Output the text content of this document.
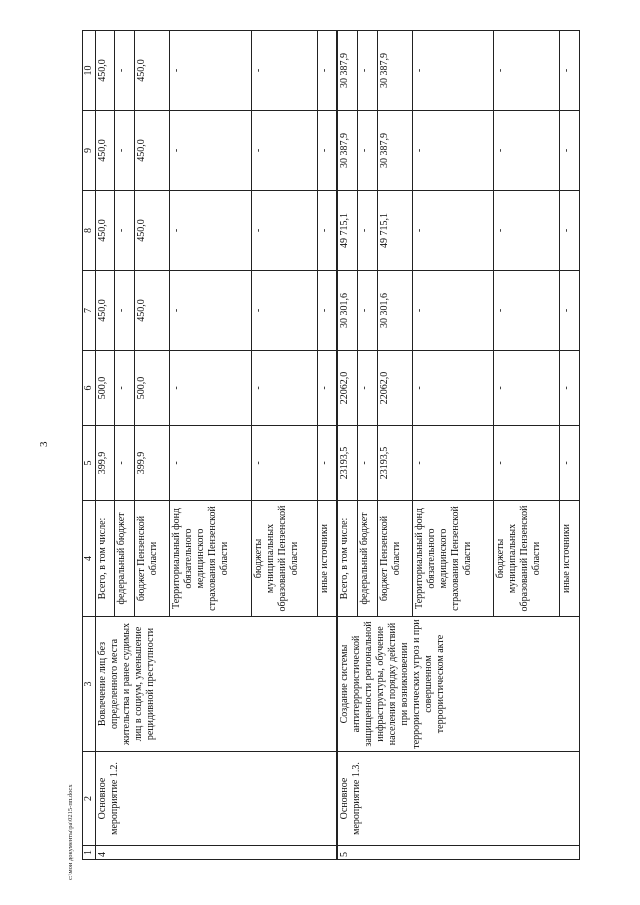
3
c:\мои документы\ра\0215-пп.docx 1	2	3	4	5	6	7	8	9	10
4	Основное мероприятие 1.2.	Вовлечение лиц без определенного места жительства и ранее судимых лиц в социум, уменьшение рецидивной преступности	Всего, в том числе:	399,9	500,0	450,0	450,0	450,0	450,0
			федеральный бюджет	-	-	-	-	-	-
			бюджет Пензенской области	399,9	500,0	450,0	450,0	450,0	450,0
			Территориальный фонд обязательного медицинского страхования Пензенской области	-	-	-	-	-	-
			бюджеты муниципальных образований Пензенской области	-	-	-	-	-	-
			иные источники	-	-	-	-	-	-
5	Основное мероприятие 1.3.	Создание системы антитеррористической защищенности региональной инфраструктуры, обучение населения порядку действий при возникновении террористических угроз и при совершенном террористическом акте	Всего, в том числе:	23193,5	22062,0	30 301,6	49 715,1	30 387,9	30 387,9
			федеральный бюджет	-	-	-	-	-	-
			бюджет Пензенской области	23193,5	22062,0	30 301,6	49 715,1	30 387,9	30 387,9
			Территориальный фонд обязательного медицинского страхования Пензенской области	-	-	-	-	-	-
			бюджеты муниципальных образований Пензенской области	-	-	-	-	-	-
			иные источники	-	-	-	-	-	-
